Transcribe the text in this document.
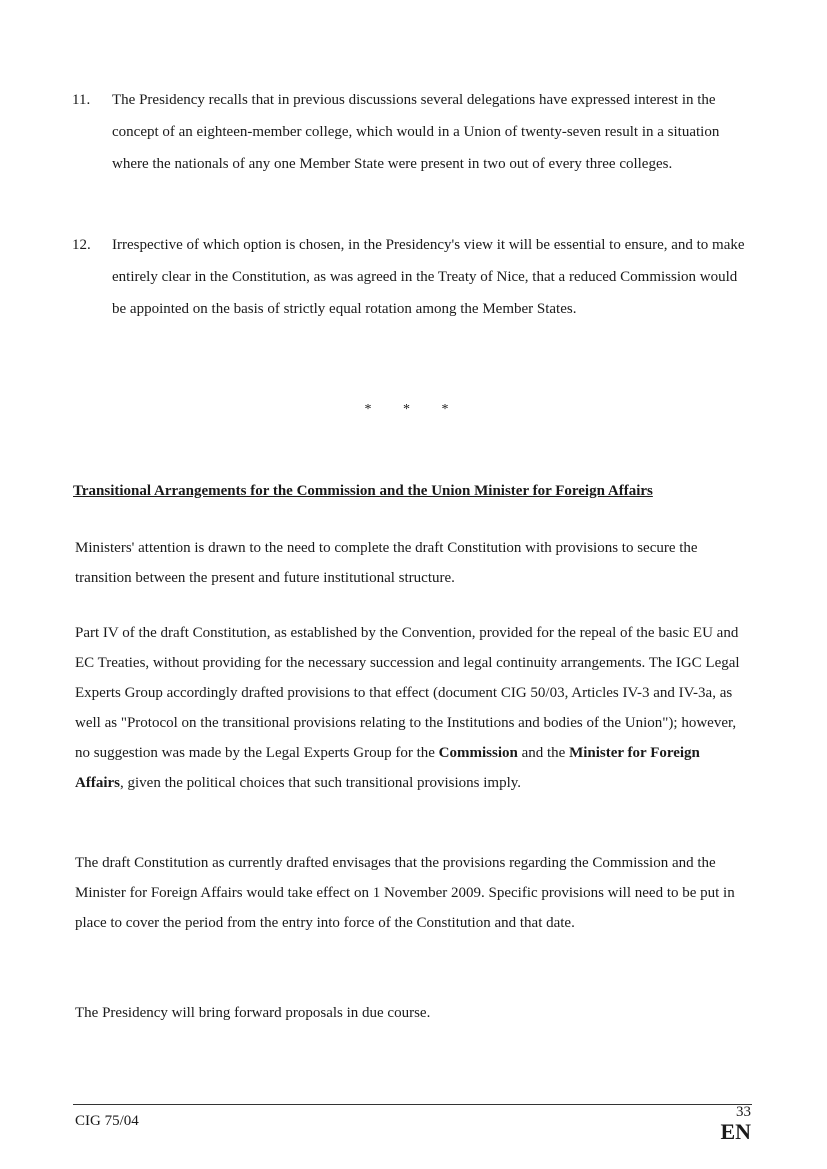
11.	The Presidency recalls that in previous discussions several delegations have expressed interest in the concept of an eighteen-member college, which would in a Union of twenty-seven result in a situation where the nationals of any one Member State were present in two out of every three colleges.
12.	Irrespective of which option is chosen, in the Presidency's view it will be essential to ensure, and to make entirely clear in the Constitution, as was agreed in the Treaty of Nice, that a reduced Commission would be appointed on the basis of strictly equal rotation among the Member States.
* * *
Transitional Arrangements for the Commission and the Union Minister for Foreign Affairs
Ministers' attention is drawn to the need to complete the draft Constitution with provisions to secure the transition between the present and future institutional structure.
Part IV of the draft Constitution, as established by the Convention, provided for the repeal of the basic EU and EC Treaties, without providing for the necessary succession and legal continuity arrangements. The IGC Legal Experts Group accordingly drafted provisions to that effect (document CIG 50/03, Articles IV-3 and IV-3a, as well as "Protocol on the transitional provisions relating to the Institutions and bodies of the Union"); however, no suggestion was made by the Legal Experts Group for the Commission and the Minister for Foreign Affairs, given the political choices that such transitional provisions imply.
The draft Constitution as currently drafted envisages that the provisions regarding the Commission and the Minister for Foreign Affairs would take effect on 1 November 2009. Specific provisions will need to be put in place to cover the period from the entry into force of the Constitution and that date.
The Presidency will bring forward proposals in due course.
CIG 75/04
33
EN
